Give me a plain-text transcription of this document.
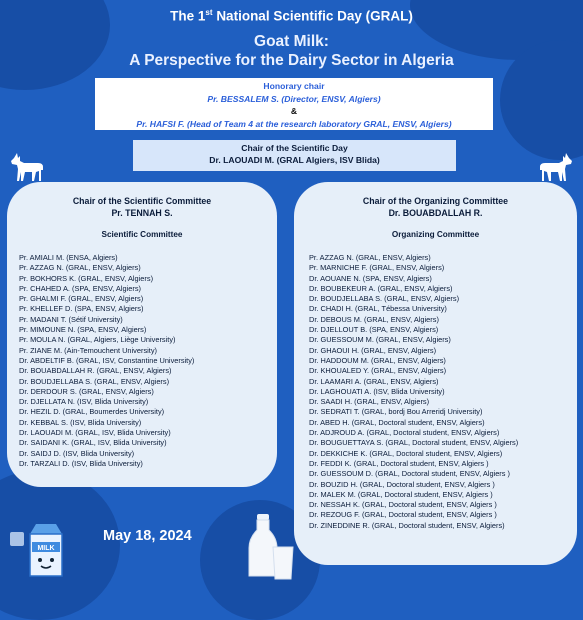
The 1st National Scientific Day (GRAL)
Goat Milk:
A Perspective for the Dairy Sector in Algeria
Honorary chair
Pr. BESSALEM S. (Director, ENSV, Algiers)
&
Pr. HAFSI F. (Head of Team 4 at the research laboratory GRAL, ENSV, Algiers)
Chair of the Scientific Day
Dr. LAOUADI M. (GRAL Algiers, ISV Blida)
Chair of the Scientific Committee
Pr. TENNAH S.
Scientific Committee
Pr. AMIALI M. (ENSA, Algiers)
Pr. AZZAG N. (GRAL, ENSV, Algiers)
Pr. BOKHORS K. (GRAL, ENSV, Algiers)
Pr. CHAHED A. (SPA, ENSV, Algiers)
Pr. GHALMI F. (GRAL, ENSV, Algiers)
Pr. KHELLEF D. (SPA, ENSV, Algiers)
Pr. MADANI T. (Sétif University)
Pr. MIMOUNE N. (SPA, ENSV, Algiers)
Pr. MOULA N. (GRAL, Algiers, Liège University)
Pr. ZIANE M. (Ain-Temouchent University)
Dr. ABDELTIF B. (GRAL, ISV, Constantine University)
Dr. BOUABDALLAH R. (GRAL, ENSV, Algiers)
Dr. BOUDJELLABA S. (GRAL, ENSV, Algiers)
Dr. DERDOUR S. (GRAL, ENSV, Algiers)
Dr. DJELLATA N. (ISV, Blida University)
Dr. HEZIL D. (GRAL, Boumerdes University)
Dr. KEBBAL S. (ISV, Blida University)
Dr. LAOUADI M. (GRAL, ISV, Blida University)
Dr. SAIDANI K. (GRAL, ISV, Blida University)
Dr. SAIDJ D. (ISV, Blida University)
Dr. TARZALI D. (ISV, Blida University)
Chair of the Organizing Committee
Dr. BOUABDALLAH R.
Organizing Committee
Pr. AZZAG N. (GRAL, ENSV, Algiers)
Pr. MARNICHE F. (GRAL, ENSV, Algiers)
Dr. AOUANE N. (SPA, ENSV, Algiers)
Dr. BOUBEKEUR A. (GRAL, ENSV, Algiers)
Dr. BOUDJELLABA S. (GRAL, ENSV, Algiers)
Dr. CHADI H. (GRAL, Tébessa University)
Dr. DEBOUS M. (GRAL, ENSV, Algiers)
Dr. DJELLOUT B. (SPA, ENSV, Algiers)
Dr. GUESSOUM M. (GRAL, ENSV, Algiers)
Dr. GHAOUI H. (GRAL, ENSV, Algiers)
Dr. HADDOUM M. (GRAL, ENSV, Algiers)
Dr. KHOUALED Y. (GRAL, ENSV, Algiers)
Dr. LAAMARI A. (GRAL, ENSV, Algiers)
Dr. LAGHOUATI A. (ISV, Blida University)
Dr. SAADI H. (GRAL, ENSV, Algiers)
Dr. SEDRATI T. (GRAL, bordj Bou Arreridj University)
Dr. ABED H. (GRAL, Doctoral student, ENSV, Algiers)
Dr. ADJROUD A. (GRAL, Doctoral student, ENSV, Algiers)
Dr. BOUGUETTAYA S. (GRAL, Doctoral student, ENSV, Algiers)
Dr. DEKKICHE K. (GRAL, Doctoral student, ENSV, Algiers)
Dr. FEDDI K. (GRAL, Doctoral student, ENSV, Algiers )
Dr. GUESSOUM D. (GRAL, Doctoral student, ENSV, Algiers )
Dr. BOUZID H. (GRAL, Doctoral student, ENSV, Algiers )
Dr. MALEK M. (GRAL, Doctoral student, ENSV, Algiers )
Dr. NESSAH K. (GRAL, Doctoral student, ENSV, Algiers )
Dr. REZOUG F. (GRAL, Doctoral student, ENSV, Algiers )
Dr. ZINEDDINE R. (GRAL, Doctoral student, ENSV, Algiers)
MILK
May 18, 2024
